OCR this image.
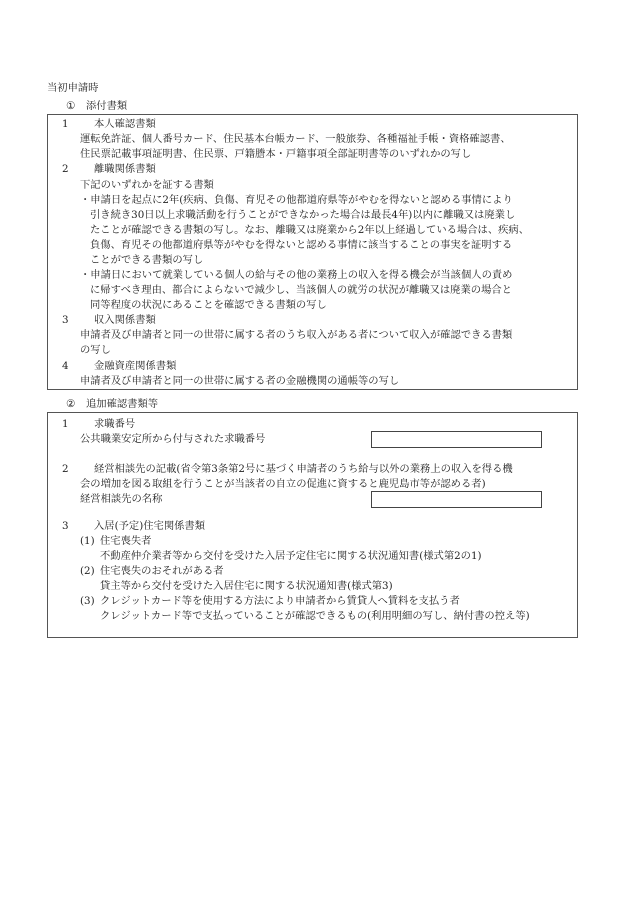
当初申請時
① 添付書類
1 本人確認書類
運転免許証、個人番号カード、住民基本台帳カード、一般旅券、各種福祉手帳・資格確認書、
住民票記載事項証明書、住民票、戸籍謄本・戸籍事項全部証明書等のいずれかの写し
2 離職関係書類
下記のいずれかを証する書類
・申請日を起点に2年(疾病、負傷、育児その他都道府県等がやむを得ないと認める事情により
引き続き30日以上求職活動を行うことができなかった場合は最長4年)以内に離職又は廃業し
たことが確認できる書類の写し。なお、離職又は廃業から2年以上経過している場合は、疾病、
負傷、育児その他都道府県等がやむを得ないと認める事情に該当することの事実を証明する
ことができる書類の写し
・申請日において就業している個人の給与その他の業務上の収入を得る機会が当該個人の責め
に帰すべき理由、都合によらないで減少し、当該個人の就労の状況が離職又は廃業の場合と
同等程度の状況にあることを確認できる書類の写し
3 収入関係書類
申請者及び申請者と同一の世帯に属する者のうち収入がある者について収入が確認できる書類
の写し
4 金融資産関係書類
申請者及び申請者と同一の世帯に属する者の金融機関の通帳等の写し
② 追加確認書類等
1 求職番号
公共職業安定所から付与された求職番号
2 経営相談先の記載(省令第3条第2号に基づく申請者のうち給与以外の業務上の収入を得る機
会の増加を図る取組を行うことが当該者の自立の促進に資すると鹿児島市等が認める者)
経営相談先の名称
3 入居(予定)住宅関係書類
(1) 住宅喪失者
不動産仲介業者等から交付を受けた入居予定住宅に関する状況通知書(様式第2の1)
(2) 住宅喪失のおそれがある者
貸主等から交付を受けた入居住宅に関する状況通知書(様式第3)
(3) クレジットカード等を使用する方法により申請者から賃貸人へ賃料を支払う者
クレジットカード等で支払っていることが確認できるもの(利用明細の写し、納付書の控え等)
